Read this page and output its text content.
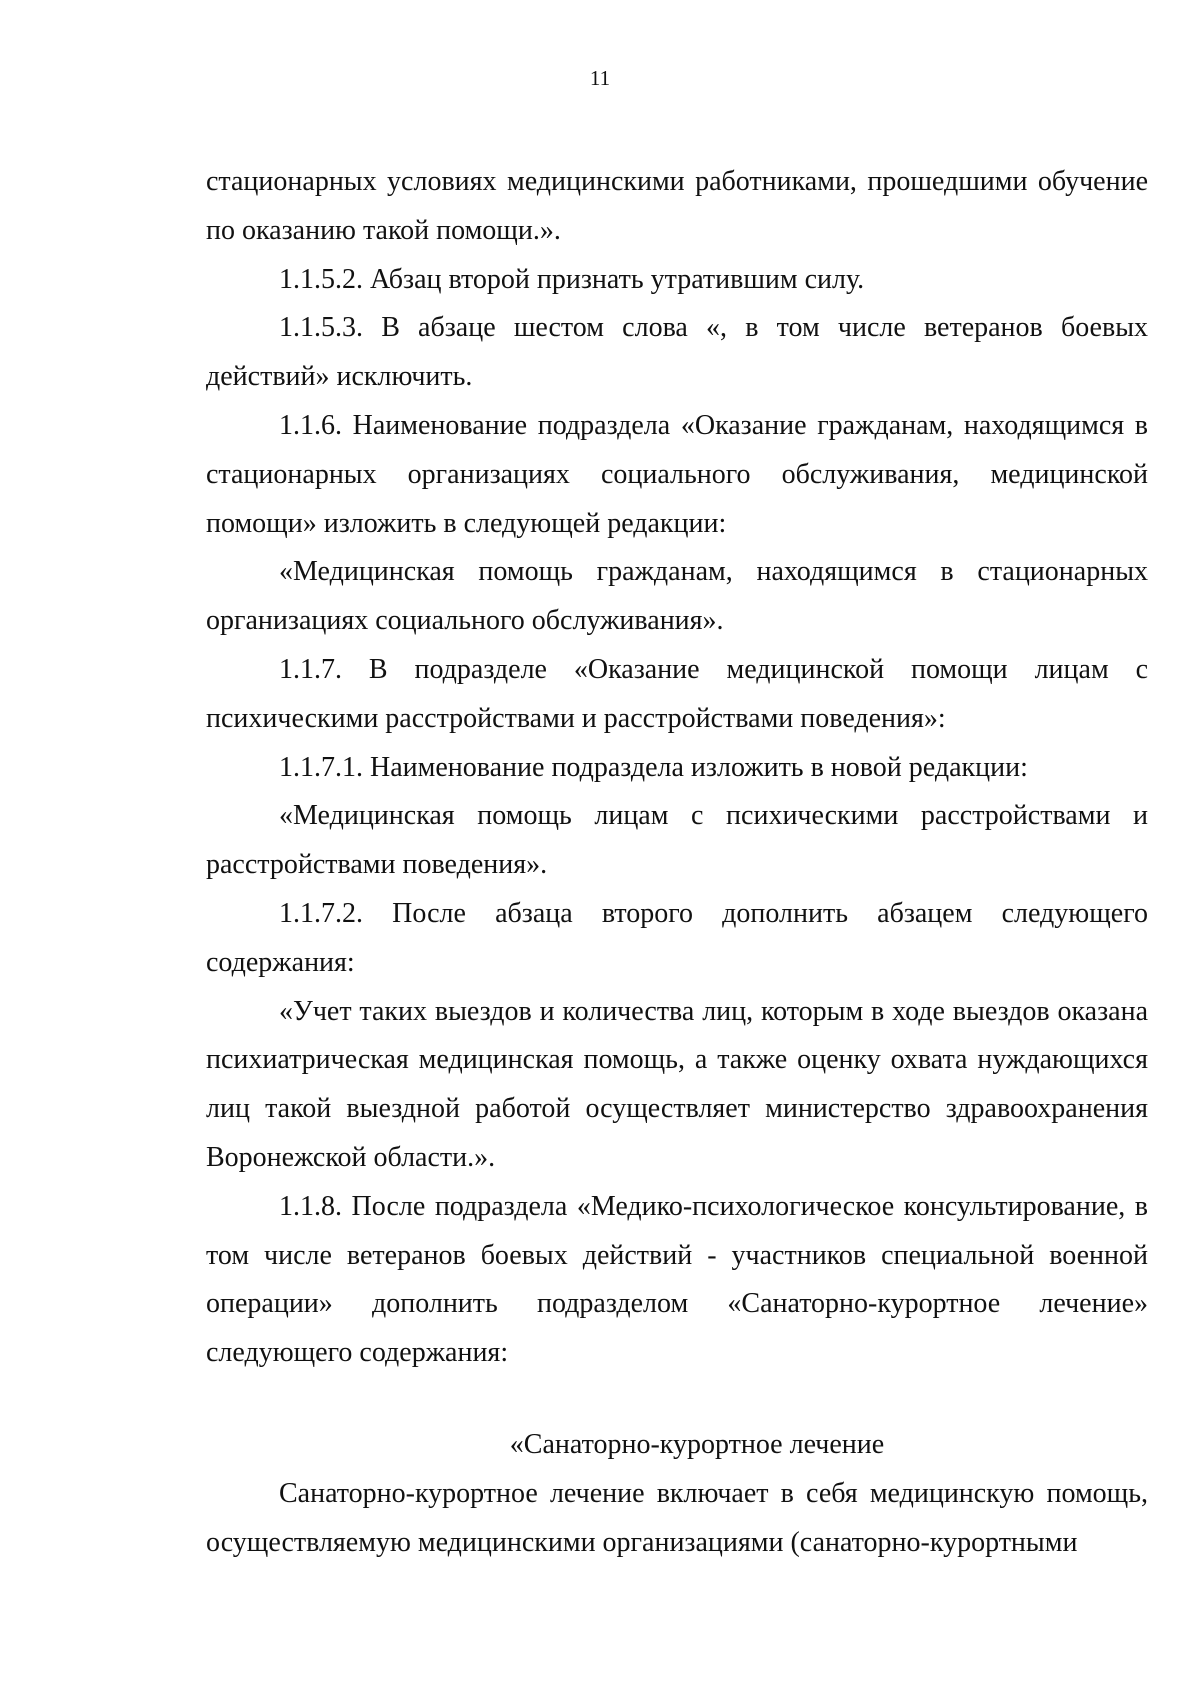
11

стационарных условиях медицинскими работниками, прошедшими обучение по оказанию такой помощи.».

1.1.5.2. Абзац второй признать утратившим силу.

1.1.5.3. В абзаце шестом слова «, в том числе ветеранов боевых действий» исключить.

1.1.6. Наименование подраздела «Оказание гражданам, находящимся в стационарных организациях социального обслуживания, медицинской помощи» изложить в следующей редакции:

«Медицинская помощь гражданам, находящимся в стационарных организациях социального обслуживания».

1.1.7. В подразделе «Оказание медицинской помощи лицам с психическими расстройствами и расстройствами поведения»:

1.1.7.1. Наименование подраздела изложить в новой редакции:

«Медицинская помощь лицам с психическими расстройствами и расстройствами поведения».

1.1.7.2. После абзаца второго дополнить абзацем следующего содержания:

«Учет таких выездов и количества лиц, которым в ходе выездов оказана психиатрическая медицинская помощь, а также оценку охвата нуждающихся лиц такой выездной работой осуществляет министерство здравоохранения Воронежской области.».

1.1.8. После подраздела «Медико-психологическое консультирование, в том числе ветеранов боевых действий - участников специальной военной операции» дополнить подразделом «Санаторно-курортное лечение» следующего содержания:

«Санаторно-курортное лечение

Санаторно-курортное лечение включает в себя медицинскую помощь, осуществляемую медицинскими организациями (санаторно-курортными
